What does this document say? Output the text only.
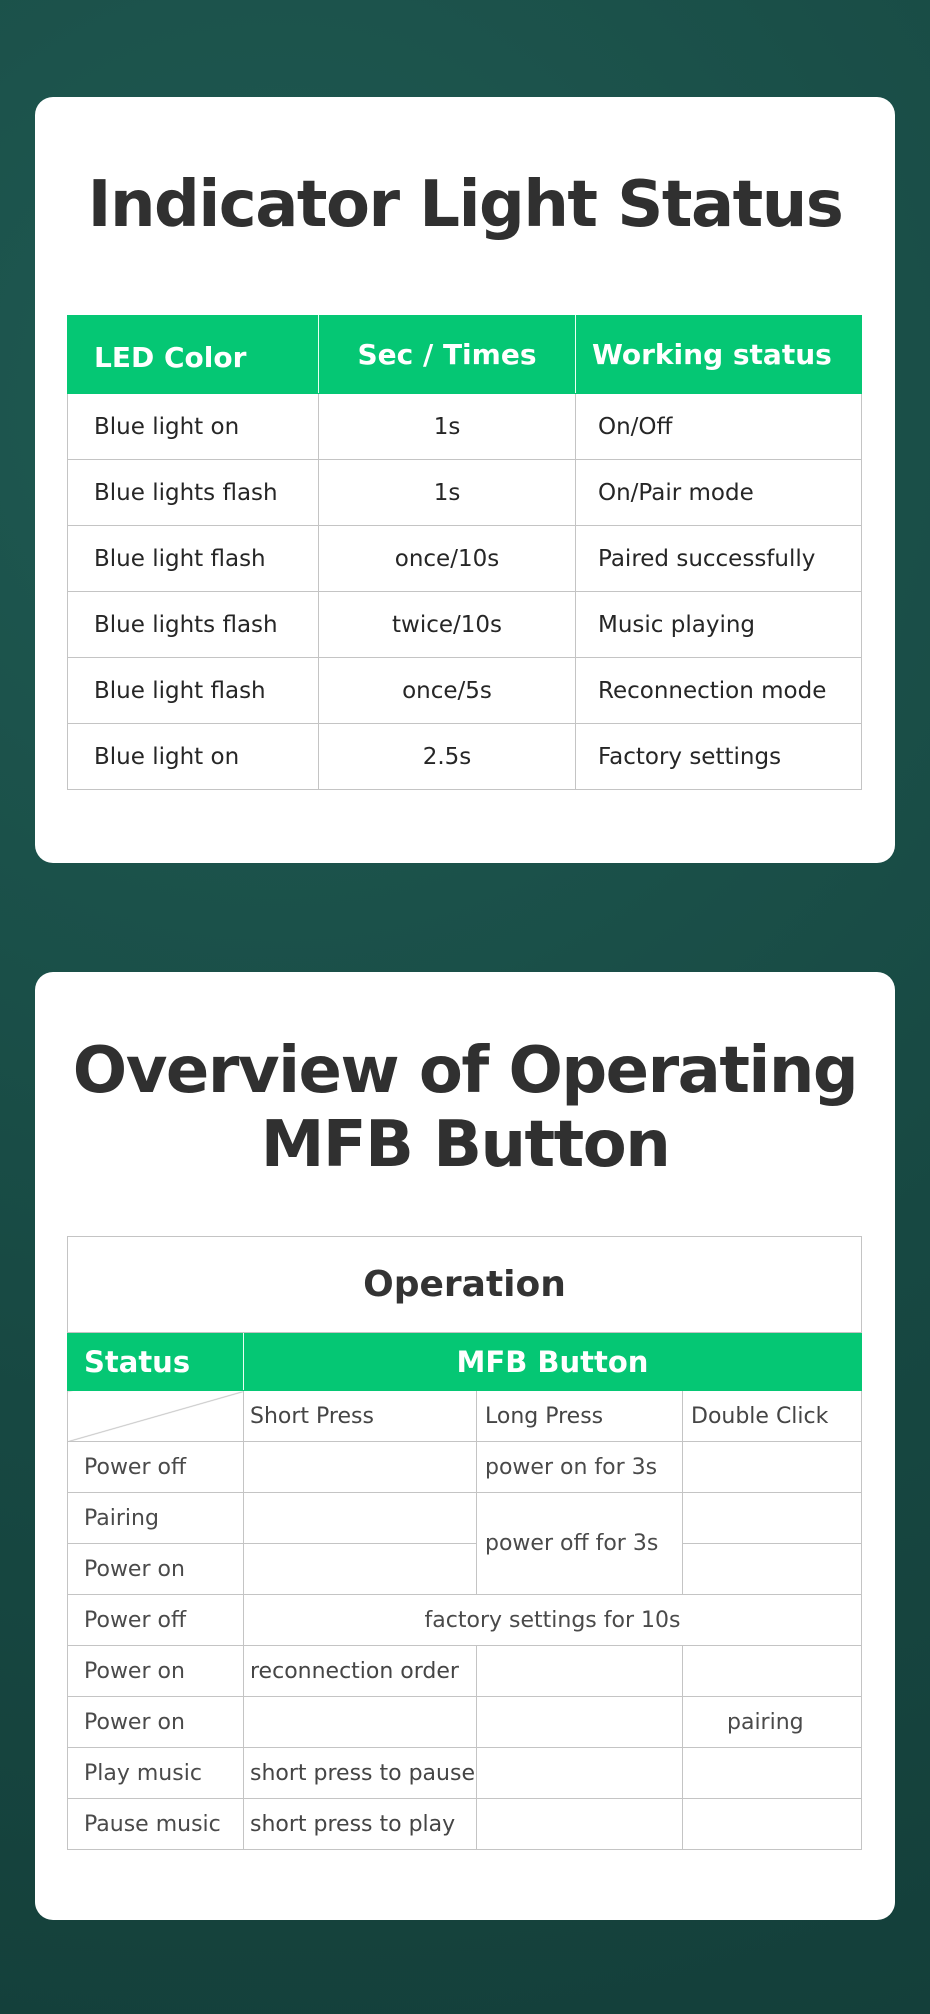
Indicator Light Status
LED Color	Sec / Times	Working status
Blue light on	1s	On/Off
Blue lights flash	1s	On/Pair mode
Blue light flash	once/10s	Paired successfully
Blue lights flash	twice/10s	Music playing
Blue light flash	once/5s	Reconnection mode
Blue light on	2.5s	Factory settings
Overview of Operating
MFB Button
Operation			
Status	MFB Button		
	Short Press	Long Press	Double Click
Power off		power on for 3s	
Pairing		power off for 3s	
Power on			
Power off	factory settings for 10s		
Power on	reconnection order		
Power on			pairing
Play music	short press to pause		
Pause music	short press to play		
